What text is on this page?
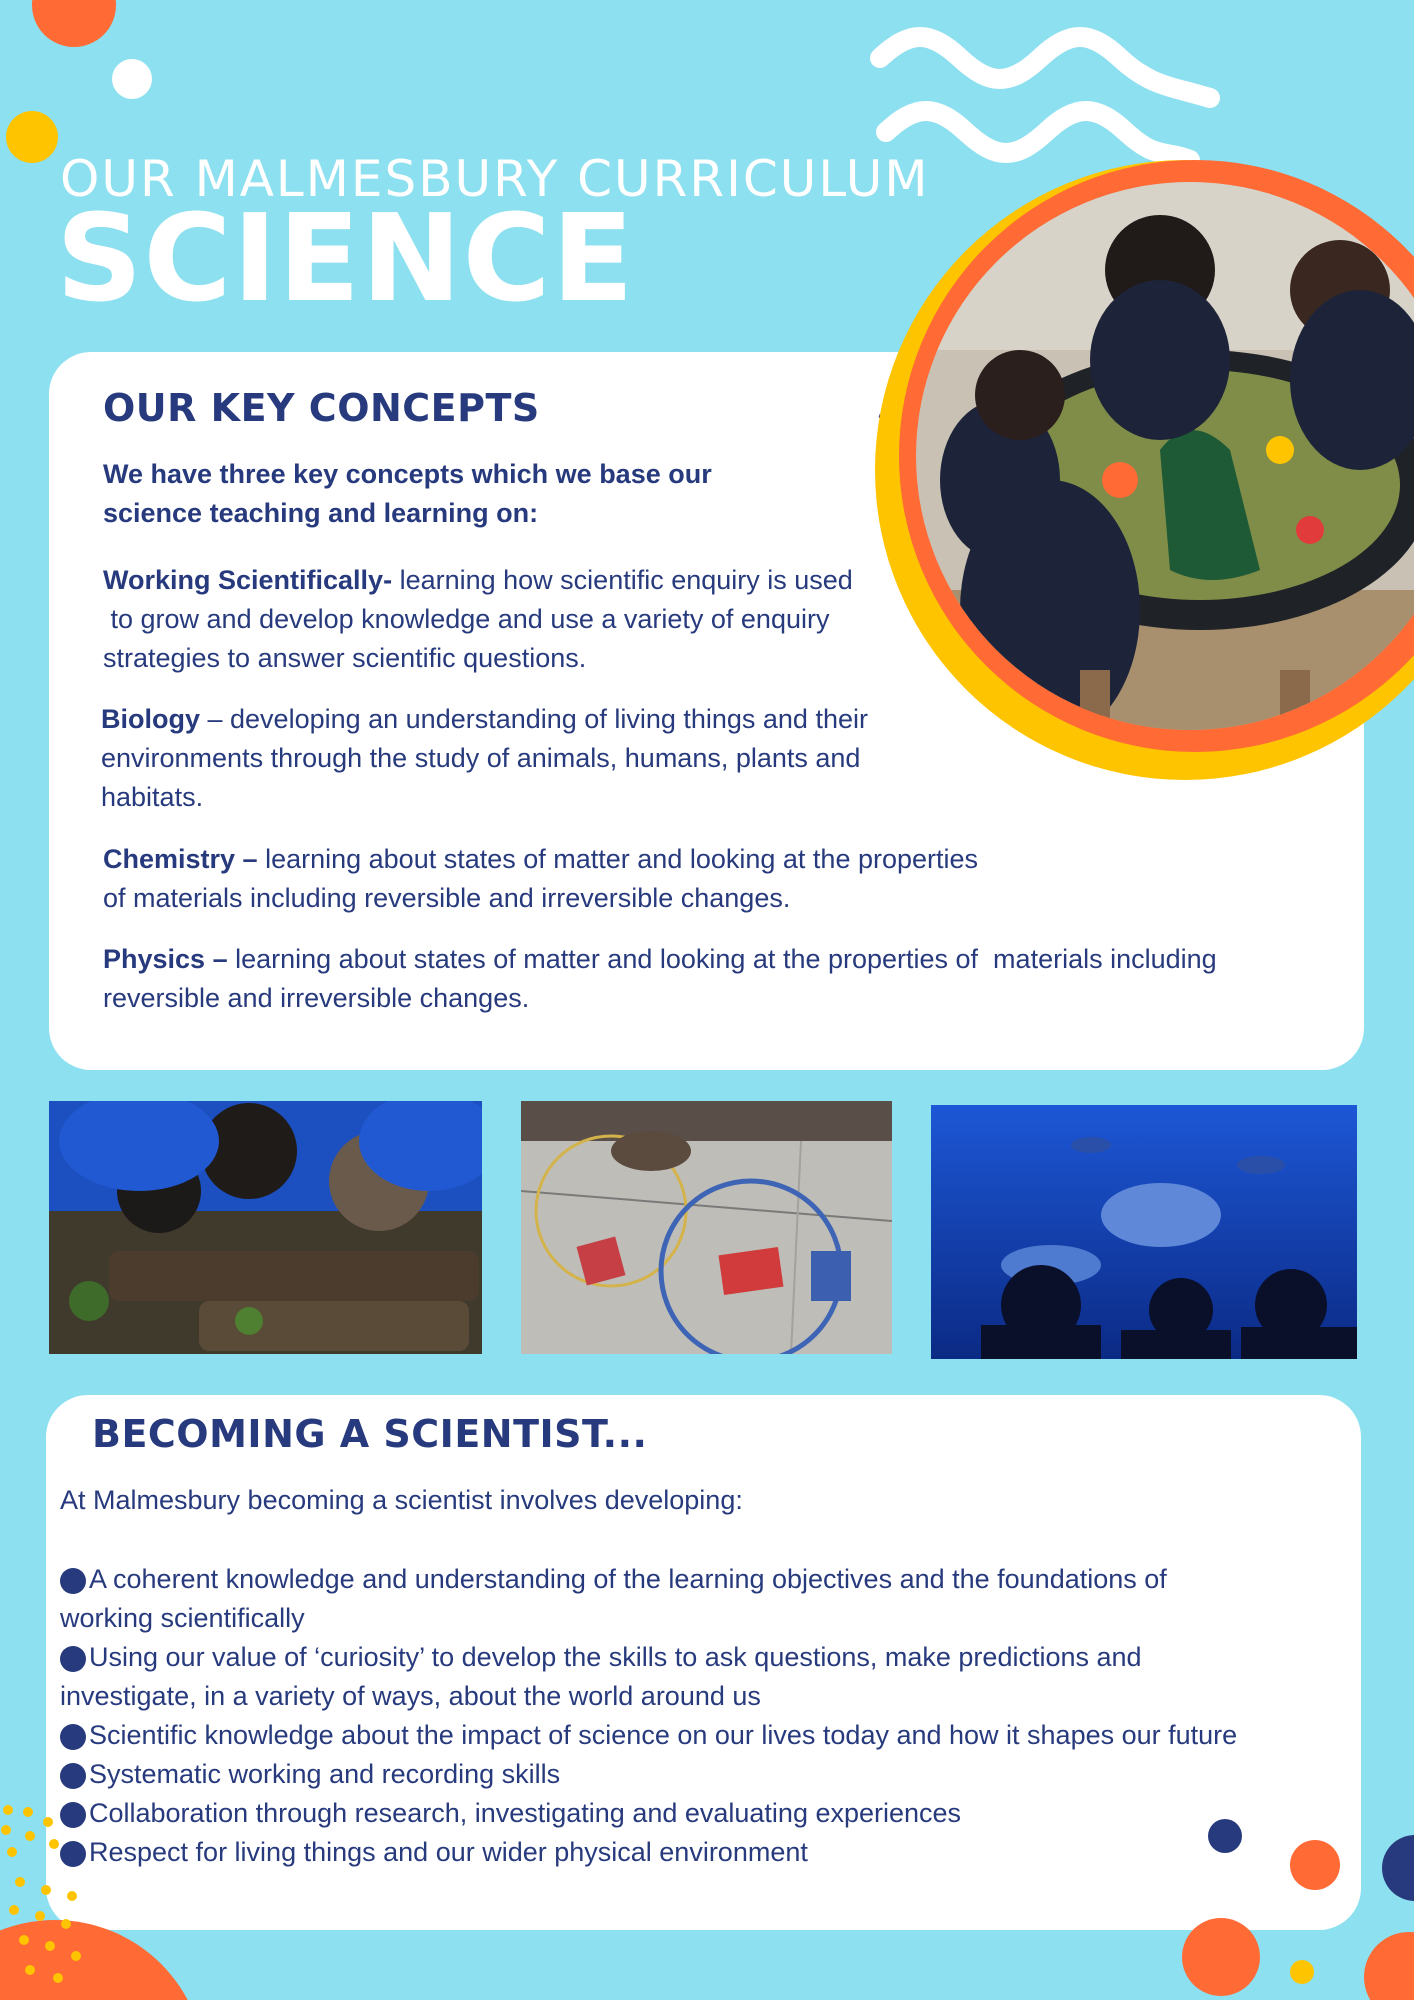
OUR MALMESBURY CURRICULUM
SCIENCE
OUR KEY CONCEPTS
We have three key concepts which we base our
science teaching and learning on:
Working Scientifically- learning how scientific enquiry is used
to grow and develop knowledge and use a variety of enquiry
strategies to answer scientific questions.
Biology – developing an understanding of living things and their
environments through the study of animals, humans, plants and
habitats.
Chemistry – learning about states of matter and looking at the properties
of materials including reversible and irreversible changes.
Physics – learning about states of matter and looking at the properties of  materials including
reversible and irreversible changes.
BECOMING A SCIENTIST...
At Malmesbury becoming a scientist involves developing:
A coherent knowledge and understanding of the learning objectives and the foundations of
working scientifically
Using our value of ‘curiosity’ to develop the skills to ask questions, make predictions and
investigate, in a variety of ways, about the world around us
Scientific knowledge about the impact of science on our lives today and how it shapes our future
Systematic working and recording skills
Collaboration through research, investigating and evaluating experiences
Respect for living things and our wider physical environment
